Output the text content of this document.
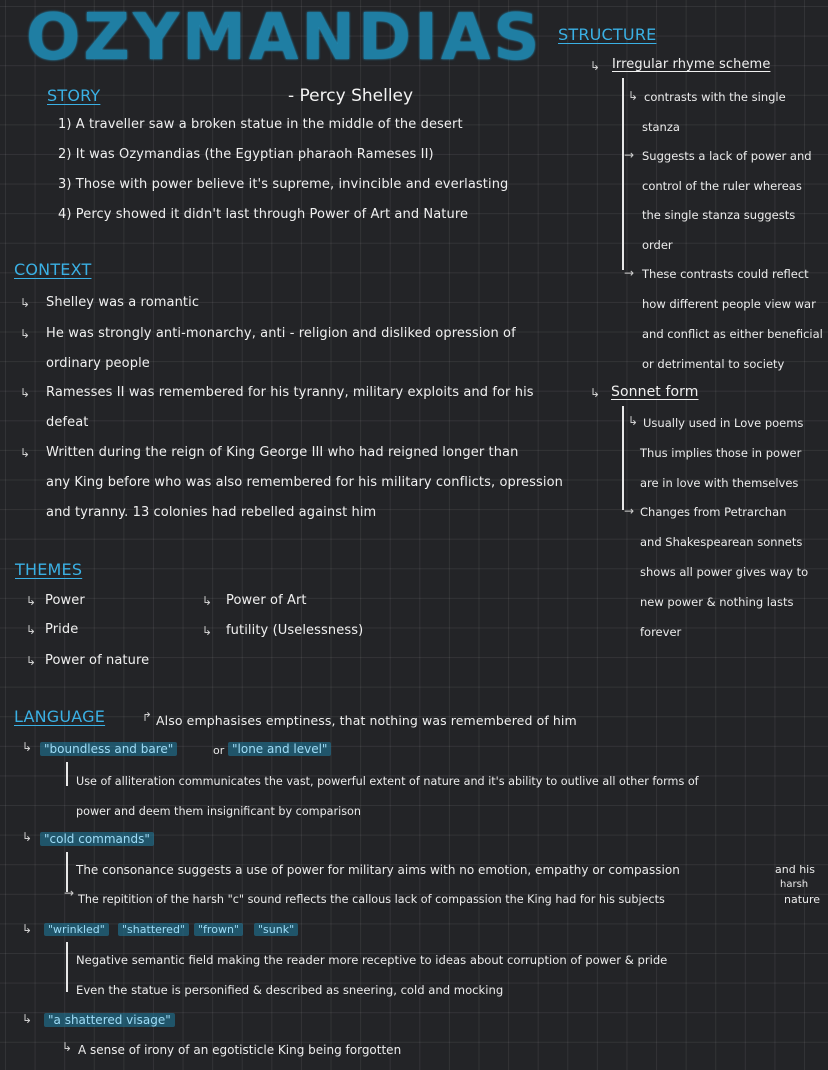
OZYMANDIAS
- Percy Shelley
STORY
1) A traveller saw a broken statue in the middle of the desert
2) It was Ozymandias (the Egyptian pharaoh Rameses II)
3) Those with power believe it's supreme, invincible and everlasting
4) Percy showed it didn't last through Power of Art and Nature
CONTEXT
↳ Shelley was a romantic
↳ He was strongly anti-monarchy, anti - religion and disliked opression of
ordinary people
↳ Ramesses II was remembered for his tyranny, military exploits and for his
defeat
↳ Written during the reign of King George III who had reigned longer than
any King before who was also remembered for his military conflicts, opression
and tyranny. 13 colonies had rebelled against him
THEMES
↳ Power
↳ Pride
↳ Power of nature
↳ Power of Art
↳ futility (Uselessness)
STRUCTURE
↳ Irregular rhyme scheme
↳ contrasts with the single
stanza
→ Suggests a lack of power and
control of the ruler whereas
the single stanza suggests
order
→ These contrasts could reflect
how different people view war
and conflict as either beneficial
or detrimental to society
↳ Sonnet form
↳ Usually used in Love poems
Thus implies those in power
are in love with themselves
→ Changes from Petrarchan
and Shakespearean sonnets
shows all power gives way to
new power & nothing lasts
forever
LANGUAGE	↱ Also emphasises emptiness, that nothing was remembered of him
↳ "boundless and bare"	or "lone and level"
Use of alliteration communicates the vast, powerful extent of nature and it's ability to outlive all other forms of
power and deem them insignificant by comparison
↳ "cold commands"
The consonance suggests a use of power for military aims with no emotion, empathy or compassion
→ The repitition of the harsh "c" sound reflects the callous lack of compassion the King had for his subjects
and his
harsh
nature
↳	"wrinkled"	"shattered"	"frown"	"sunk"
Negative semantic field making the reader more receptive to ideas about corruption of power & pride
Even the statue is personified & described as sneering, cold and mocking
↳	"a shattered visage"
↳ A sense of irony of an egotisticle King being forgotten
